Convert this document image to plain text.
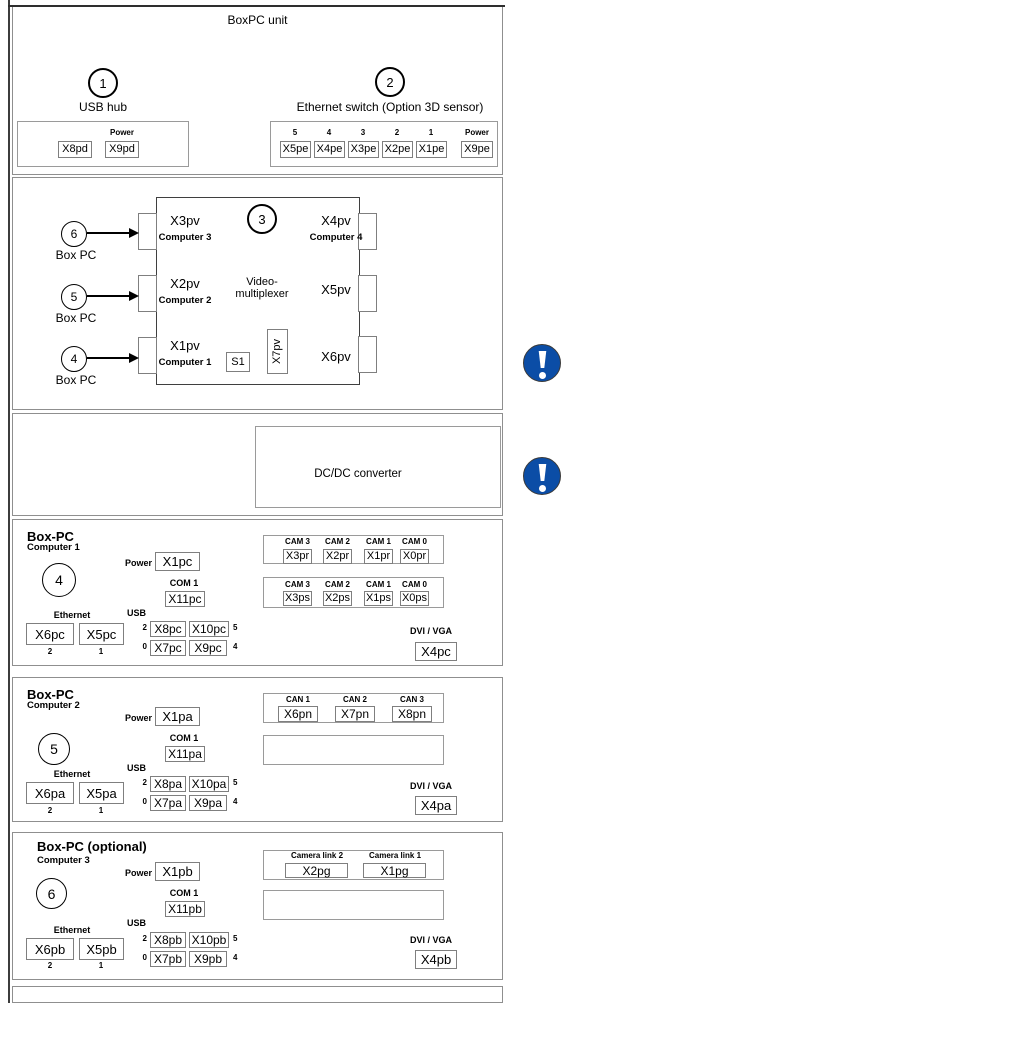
BoxPC unit
1
USB hub
Power
X8pd	X9pd
2
Ethernet switch (Option 3D sensor)
5	4	3	2	1	Power
X5pe X4pe X3pe X2pe X1pe X9pe
3
X3pv
Computer 3
X2pv
Computer 2
X1pv
Computer 1
X4pv
Computer 4
X5pv
X6pv
Video-
multiplexer
S1	X7pv
6
Box PC
5
Box PC
4
Box PC
DC/DC converter
Box-PC
Computer 1
4
Power X1pc
COM 1
X11pc
USB
2 X8pc X10pc 5
0 X7pc	X9pc	4
Ethernet
X6pc	X5pc
2	1
CAM 3	CAM 2	CAM 1	CAM 0
X3pr X2pr X1pr X0pr
CAM 3	CAM 2	CAM 1	CAM 0
X3ps X2ps X1ps X0ps
DVI / VGA
X4pc
Box-PC
Computer 2
5
Power X1pa
COM 1
X11pa
USB
2 X8pa X10pa 5
0 X7pa X9pa	4
Ethernet
X6pa	X5pa
2	1
CAN 1	CAN 2	CAN 3
X6pn	X7pn	X8pn
DVI / VGA
X4pa
Box-PC (optional)
Computer 3
6
Power X1pb
COM 1
X11pb
USB
2 X8pb X10pb 5
0 X7pb X9pb	4
Ethernet
X6pb	X5pb
2	1
Camera link 2	Camera link 1
X2pg	X1pg
DVI / VGA
X4pb
